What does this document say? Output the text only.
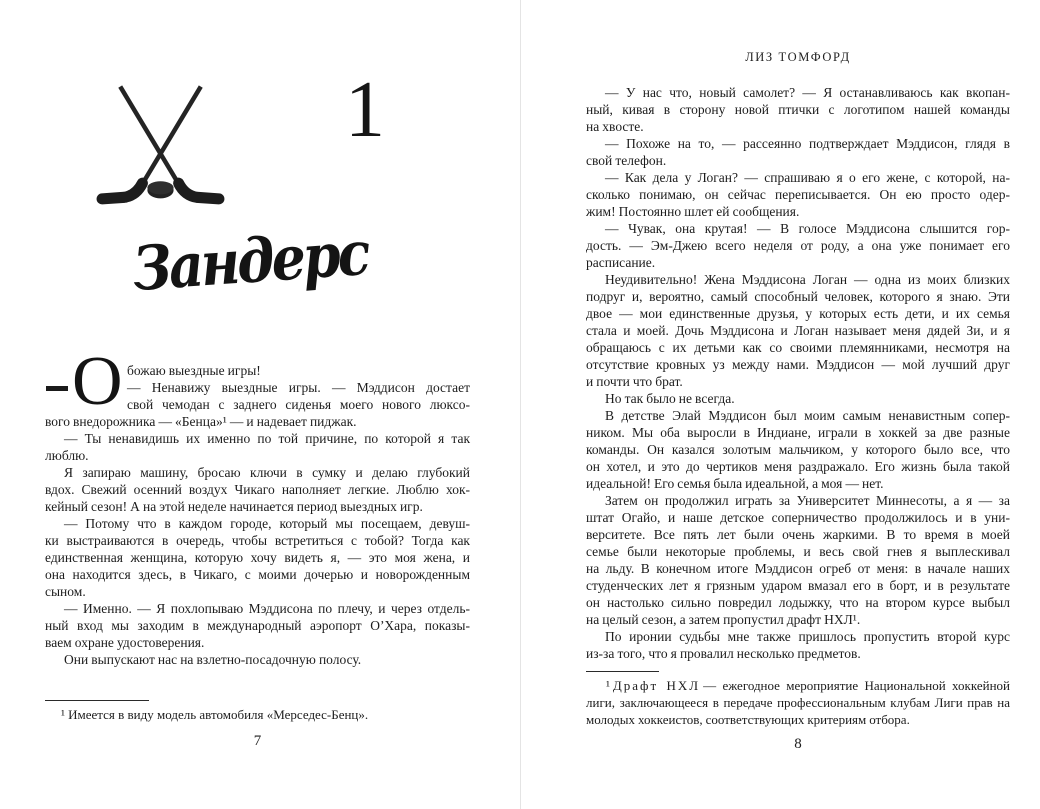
1
Зандерс
О божаю выездные игры!
— Ненавижу выездные игры. — Мэддисон достает
свой чемодан с заднего сиденья моего нового люксо-
вого внедорожника — «Бенца»¹ — и надевает пиджак.
— Ты ненавидишь их именно по той причине, по которой я так
люблю.
Я запираю машину, бросаю ключи в сумку и делаю глубокий
вдох. Свежий осенний воздух Чикаго наполняет легкие. Люблю хок-
кейный сезон! А на этой неделе начинается период выездных игр.
— Потому что в каждом городе, который мы посещаем, девуш-
ки выстраиваются в очередь, чтобы встретиться с тобой? Тогда как
единственная женщина, которую хочу видеть я, — это моя жена, и
она находится здесь, в Чикаго, с моими дочерью и новорожденным
сыном.
— Именно. — Я похлопываю Мэддисона по плечу, и через отдель-
ный вход мы заходим в международный аэропорт О’Хара, показы-
ваем охране удостоверения.
Они выпускают нас на взлетно-посадочную полосу.
¹ Имеется в виду модель автомобиля «Мерседес-Бенц».
7
ЛИЗ ТОМФОРД
— У нас что, новый самолет? — Я останавливаюсь как вкопан-
ный, кивая в сторону новой птички с логотипом нашей команды
на хвосте.
— Похоже на то, — рассеянно подтверждает Мэддисон, глядя в
свой телефон.
— Как дела у Логан? — спрашиваю я о его жене, с которой, на-
сколько понимаю, он сейчас переписывается. Он ею просто одер-
жим! Постоянно шлет ей сообщения.
— Чувак, она крутая! — В голосе Мэддисона слышится гор-
дость. — Эм-Джею всего неделя от роду, а она уже понимает его
расписание.
Неудивительно! Жена Мэддисона Логан — одна из моих близких
подруг и, вероятно, самый способный человек, которого я знаю. Эти
двое — мои единственные друзья, у которых есть дети, и их семья
стала и моей. Дочь Мэддисона и Логан называет меня дядей Зи, и я
обращаюсь с их детьми как со своими племянниками, несмотря на
отсутствие кровных уз между нами. Мэддисон — мой лучший друг
и почти что брат.
Но так было не всегда.
В детстве Элай Мэддисон был моим самым ненавистным сопер-
ником. Мы оба выросли в Индиане, играли в хоккей за две разные
команды. Он казался золотым мальчиком, у которого было все, что
он хотел, и это до чертиков меня раздражало. Его жизнь была такой
идеальной! Его семья была идеальной, а моя — нет.
Затем он продолжил играть за Университет Миннесоты, а я — за
штат Огайо, и наше детское соперничество продолжилось и в уни-
верситете. Все пять лет были очень жаркими. В то время в моей
семье были некоторые проблемы, и весь свой гнев я выплескивал
на льду. В конечном итоге Мэддисон огреб от меня: в начале наших
студенческих лет я грязным ударом вмазал его в борт, и в результате
он настолько сильно повредил лодыжку, что на втором курсе выбыл
на целый сезон, а затем пропустил драфт НХЛ¹.
По иронии судьбы мне также пришлось пропустить второй курс
из-за того, что я провалил несколько предметов.
¹ Драфт НХЛ — ежегодное мероприятие Национальной хоккейной
лиги, заключающееся в передаче профессиональным клубам Лиги прав на
молодых хоккеистов, соответствующих критериям отбора.
8
